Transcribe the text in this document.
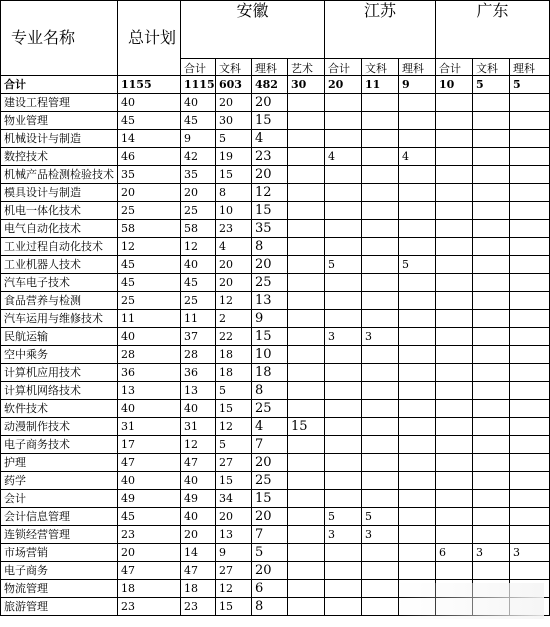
专业名称	总计划	安徽				江苏			广东		
		合计	文科	理科	艺术	合计	文科	理科	合计	文科	理科
合计	1155	1115	603	482	30	20	11	9	10	5	5
建设工程管理	40	40	20	20							
物业管理	45	45	30	15							
机械设计与制造	14	9	5	4							
数控技术	46	42	19	23		4		4			
机械产品检测检验技术	35	35	15	20							
模具设计与制造	20	20	8	12							
机电一体化技术	25	25	10	15							
电气自动化技术	58	58	23	35							
工业过程自动化技术	12	12	4	8							
工业机器人技术	45	40	20	20		5		5			
汽车电子技术	45	45	20	25							
食品营养与检测	25	25	12	13							
汽车运用与维修技术	11	11	2	9							
民航运输	40	37	22	15		3	3				
空中乘务	28	28	18	10							
计算机应用技术	36	36	18	18							
计算机网络技术	13	13	5	8							
软件技术	40	40	15	25							
动漫制作技术	31	31	12	4	15						
电子商务技术	17	12	5	7							
护理	47	47	27	20							
药学	40	40	15	25							
会计	49	49	34	15							
会计信息管理	45	40	20	20		5	5				
连锁经营管理	23	20	13	7		3	3				
市场营销	20	14	9	5					6	3	3
电子商务	47	47	27	20							
物流管理	18	18	12	6							
旅游管理	23	23	15	8							
